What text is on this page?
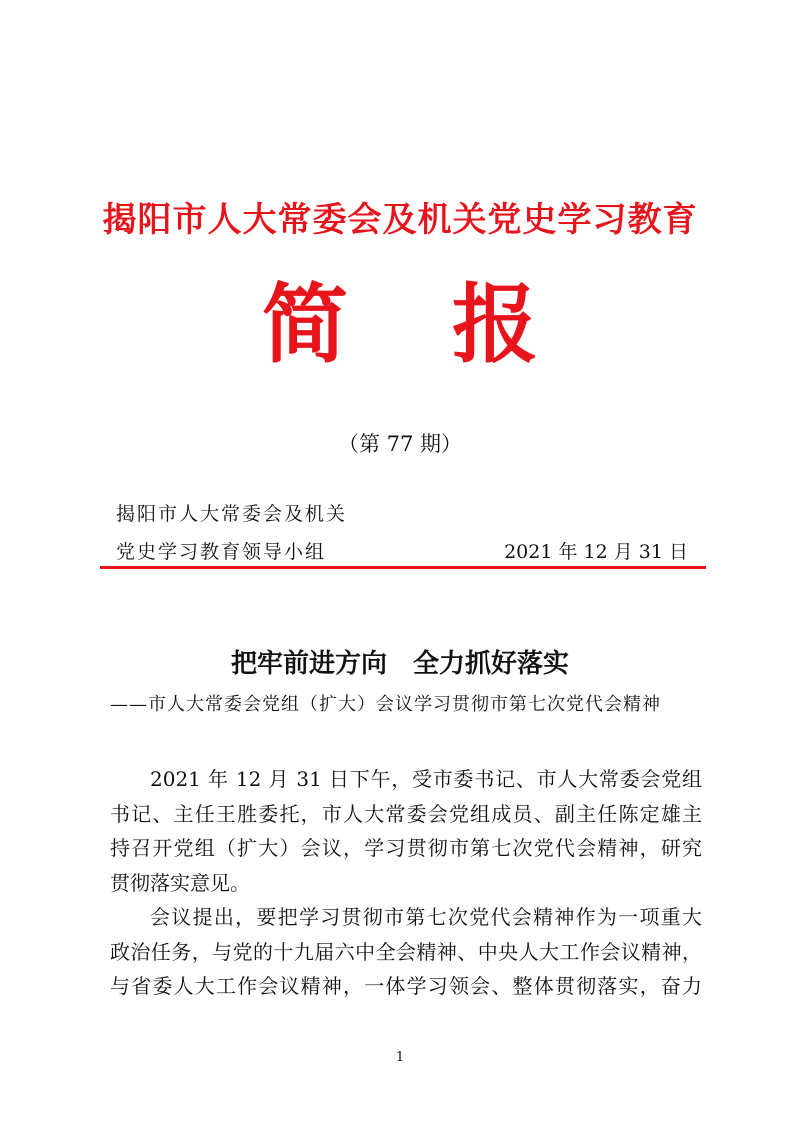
揭阳市人大常委会及机关党史学习教育
简 报
（第 77 期）
揭阳市人大常委会及机关
党史学习教育领导小组	2021 年 12 月 31 日
把牢前进方向　全力抓好落实
——市人大常委会党组（扩大）会议学习贯彻市第七次党代会精神
2021 年 12 月 31 日下午，受市委书记、市人大常委会党组
书记、主任王胜委托，市人大常委会党组成员、副主任陈定雄主
持召开党组（扩大）会议，学习贯彻市第七次党代会精神，研究
贯彻落实意见。
会议提出，要把学习贯彻市第七次党代会精神作为一项重大
政治任务，与党的十九届六中全会精神、中央人大工作会议精神，
与省委人大工作会议精神，一体学习领会、整体贯彻落实，奋力
1
